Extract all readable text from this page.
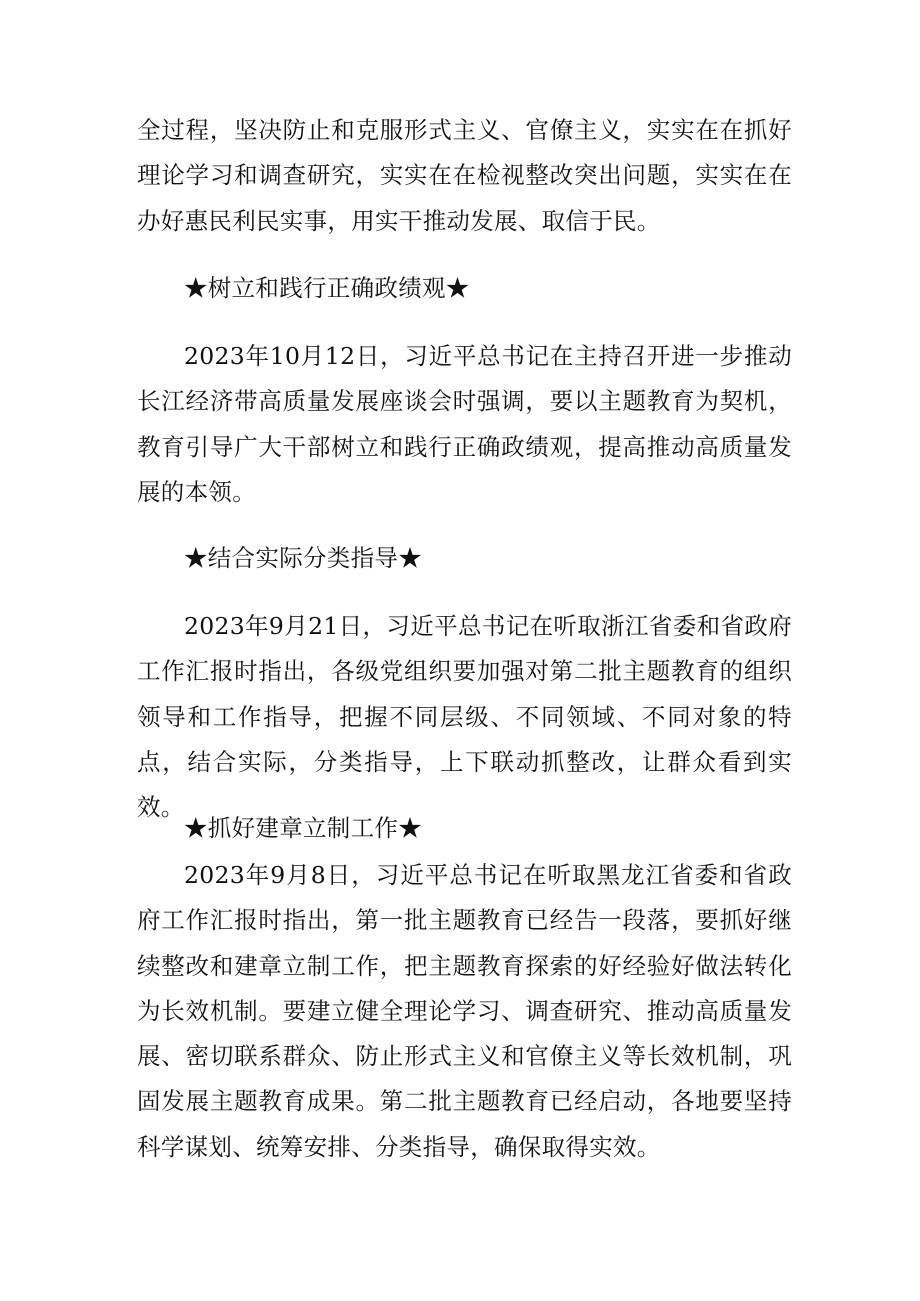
全过程，坚决防止和克服形式主义、官僚主义，实实在在抓好理论学习和调查研究，实实在在检视整改突出问题，实实在在办好惠民利民实事，用实干推动发展、取信于民。

★树立和践行正确政绩观★

2023年10月12日，习近平总书记在主持召开进一步推动长江经济带高质量发展座谈会时强调，要以主题教育为契机，教育引导广大干部树立和践行正确政绩观，提高推动高质量发展的本领。

★结合实际分类指导★

2023年9月21日，习近平总书记在听取浙江省委和省政府工作汇报时指出，各级党组织要加强对第二批主题教育的组织领导和工作指导，把握不同层级、不同领域、不同对象的特点，结合实际，分类指导，上下联动抓整改，让群众看到实效。

★抓好建章立制工作★

2023年9月8日，习近平总书记在听取黑龙江省委和省政府工作汇报时指出，第一批主题教育已经告一段落，要抓好继续整改和建章立制工作，把主题教育探索的好经验好做法转化为长效机制。要建立健全理论学习、调查研究、推动高质量发展、密切联系群众、防止形式主义和官僚主义等长效机制，巩固发展主题教育成果。第二批主题教育已经启动，各地要坚持科学谋划、统筹安排、分类指导，确保取得实效。
